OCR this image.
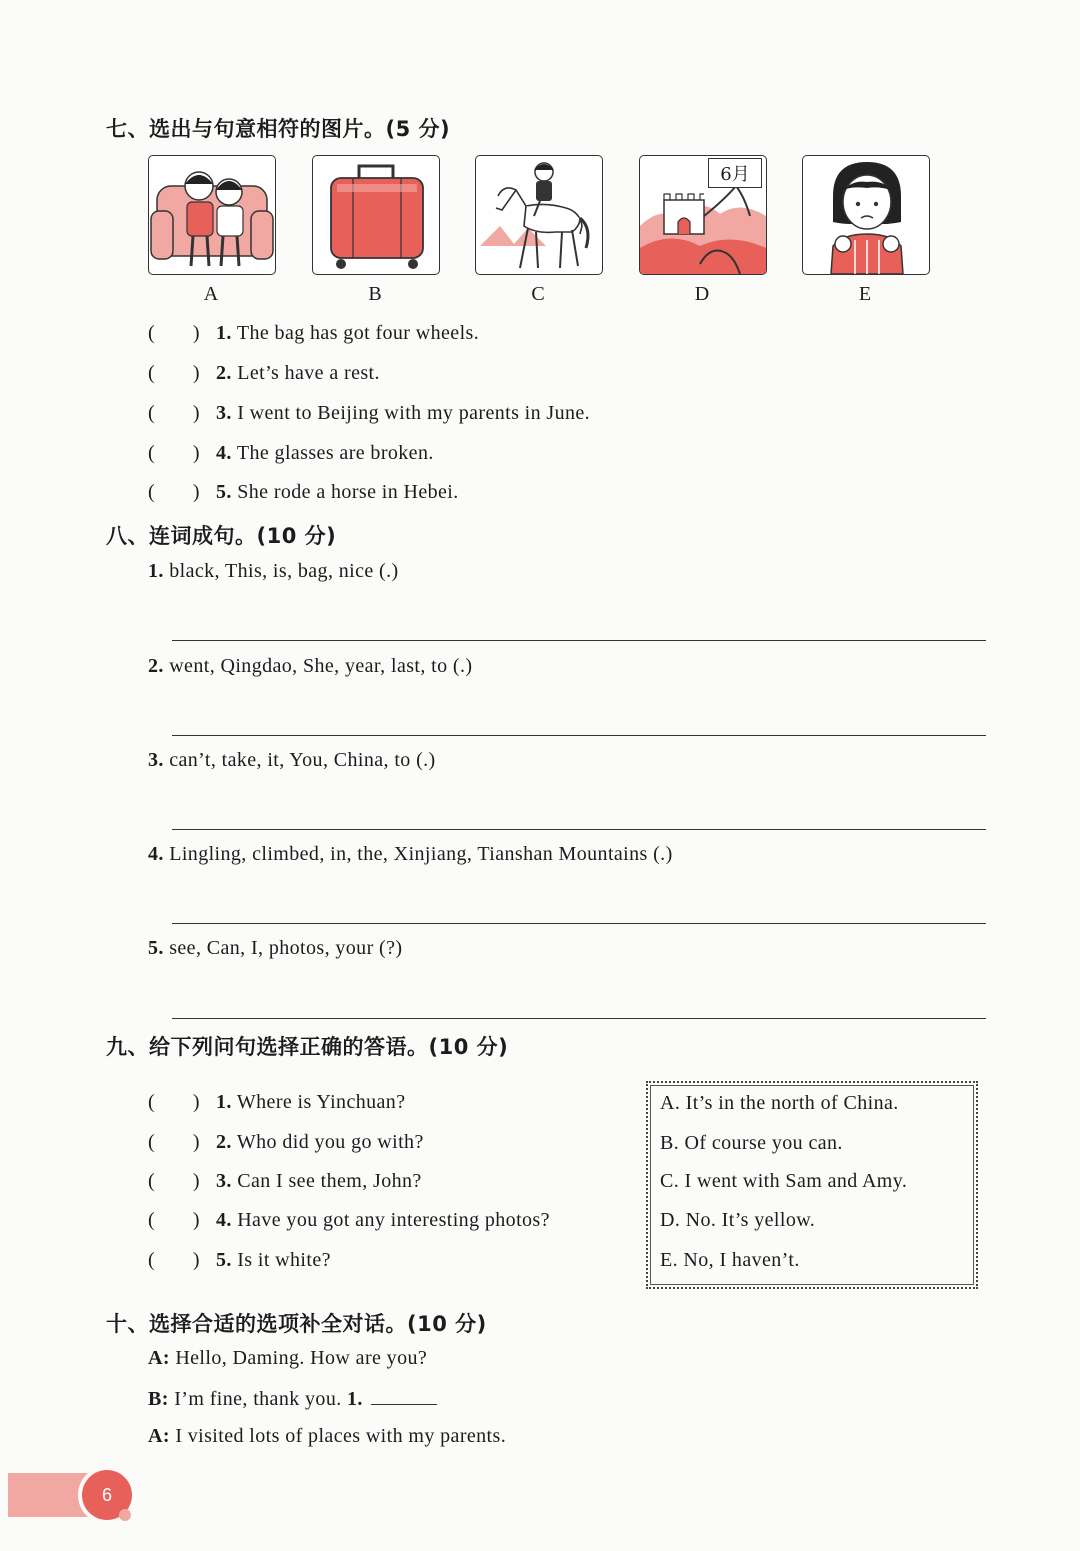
七、选出与句意相符的图片。(5 分)
6月
A	B	C	D	E
(       ) 1. The bag has got four wheels.
(       ) 2. Let’s have a rest.
(       ) 3. I went to Beijing with my parents in June.
(       ) 4. The glasses are broken.
(       ) 5. She rode a horse in Hebei.
八、连词成句。(10 分)
1. black, This, is, bag, nice (.)
2. went, Qingdao, She, year, last, to (.)
3. can’t, take, it, You, China, to (.)
4. Lingling, climbed, in, the, Xinjiang, Tianshan Mountains (.)
5. see, Can, I, photos, your (?)
九、给下列问句选择正确的答语。(10 分)
(       ) 1. Where is Yinchuan?
(       ) 2. Who did you go with?
(       ) 3. Can I see them, John?
(       ) 4. Have you got any interesting photos?
(       ) 5. Is it white?
A. It’s in the north of China.
B. Of course you can.
C. I went with Sam and Amy.
D. No. It’s yellow.
E. No, I haven’t.
十、选择合适的选项补全对话。(10 分)
A: Hello, Daming. How are you?
B: I’m fine, thank you. 1.
A: I visited lots of places with my parents.
6
